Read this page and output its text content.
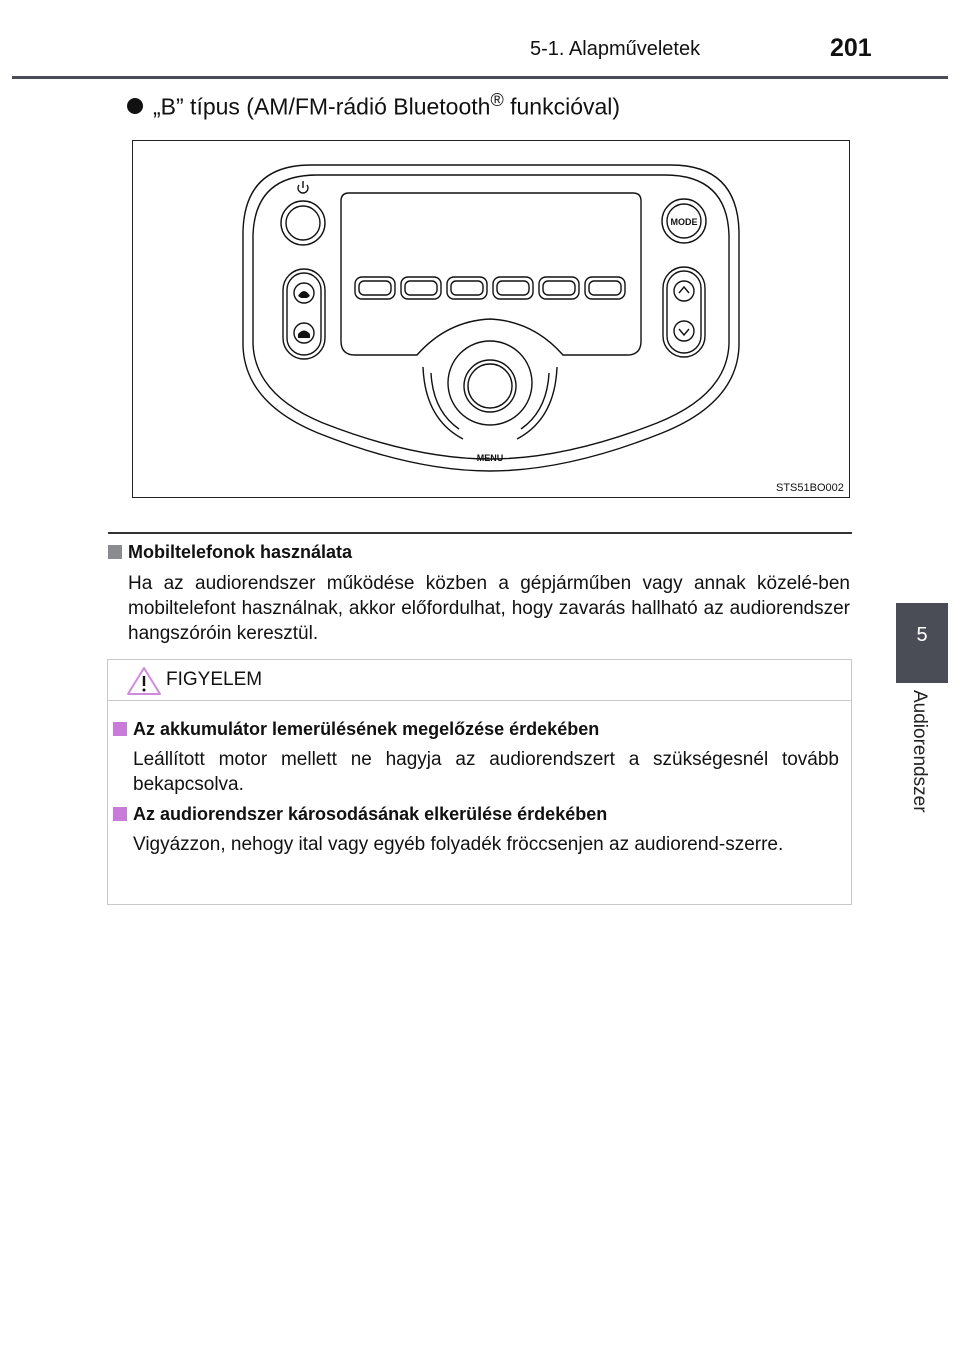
5-1. Alapműveletek	201
5
Audiorendszer
„B” típus (AM/FM-rádió Bluetooth® funkcióval)
MODE
MENU
STS51BO002
Mobiltelefonok használata
Ha az audiorendszer működése közben a gépjárműben vagy annak közelé-ben mobiltelefont használnak, akkor előfordulhat, hogy zavarás hallható az audiorendszer hangszóróin keresztül.
FIGYELEM
Az akkumulátor lemerülésének megelőzése érdekében
Leállított motor mellett ne hagyja az audiorendszert a szükségesnél tovább bekapcsolva.
Az audiorendszer károsodásának elkerülése érdekében
Vigyázzon, nehogy ital vagy egyéb folyadék fröccsenjen az audiorend-szerre.
